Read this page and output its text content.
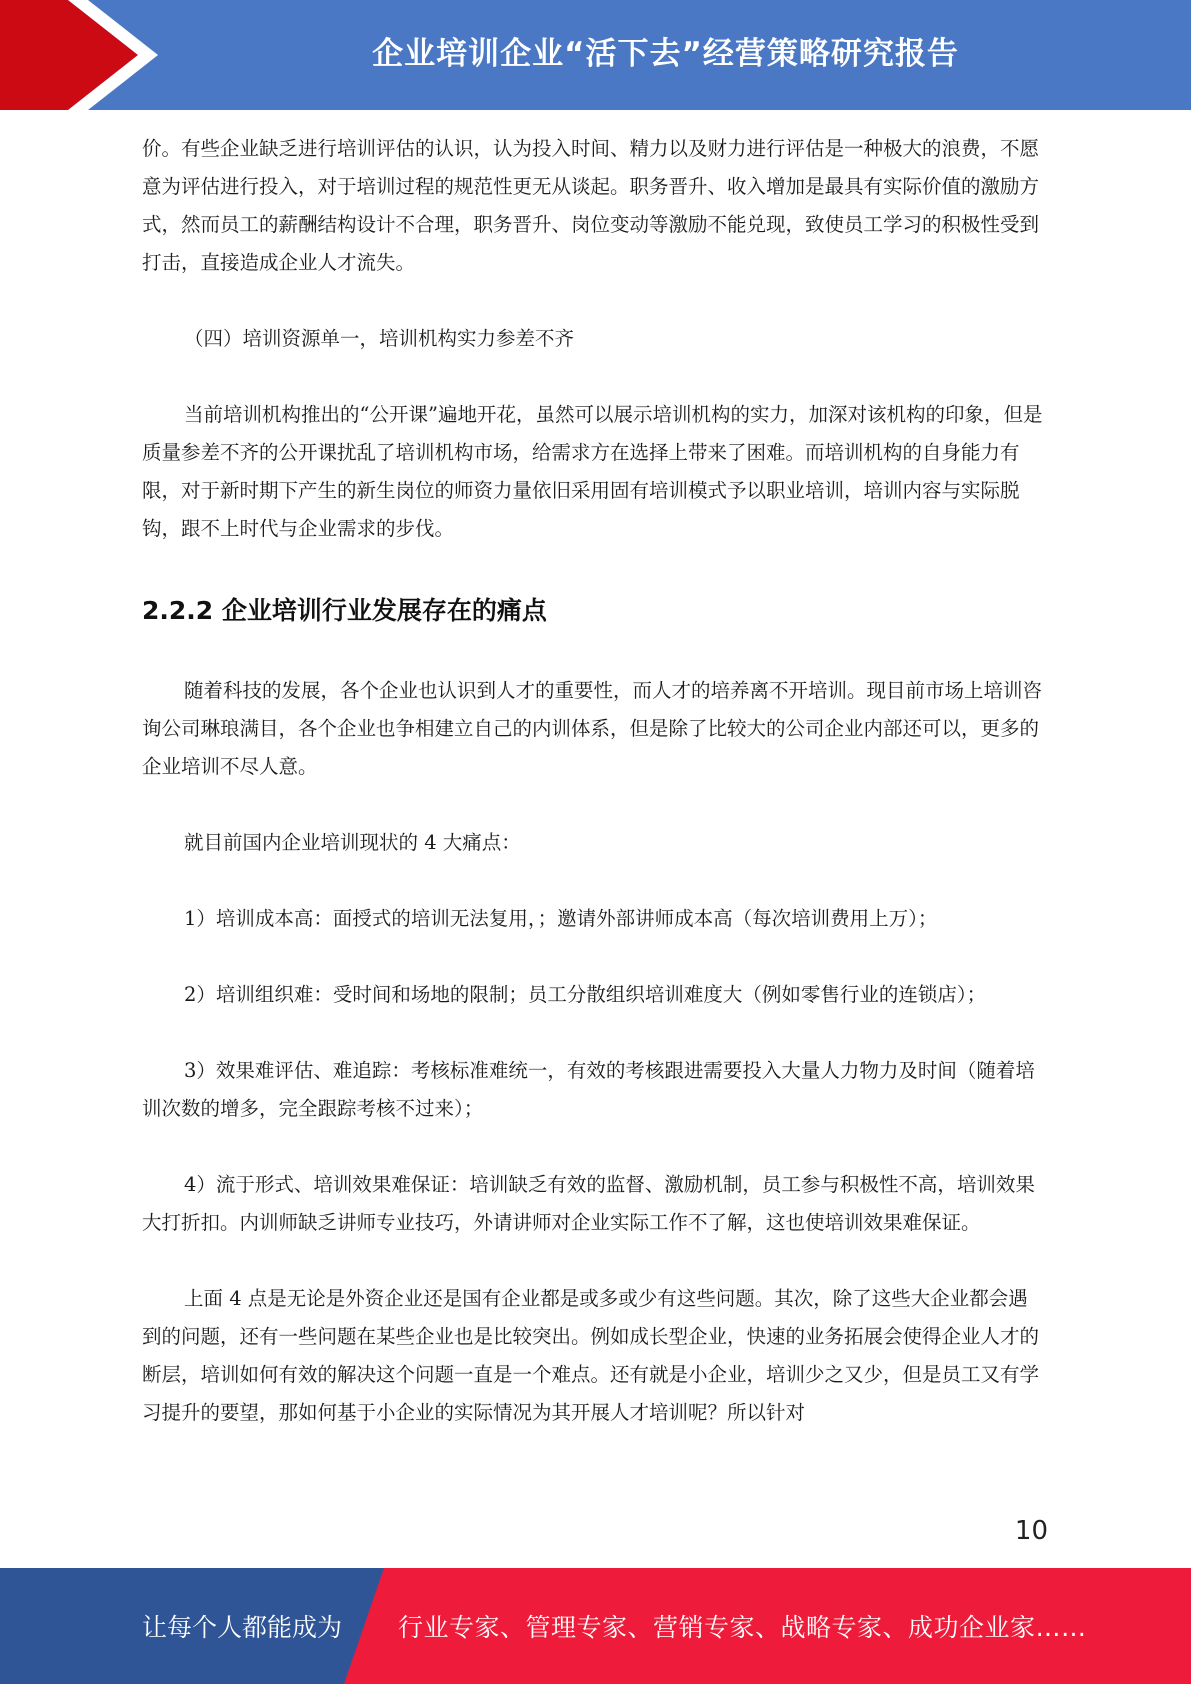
企业培训企业“活下去”经营策略研究报告

价。有些企业缺乏进行培训评估的认识，认为投入时间、精力以及财力进行评估是一种极大的浪费，不愿意为评估进行投入，对于培训过程的规范性更无从谈起。职务晋升、收入增加是最具有实际价值的激励方式，然而员工的薪酬结构设计不合理，职务晋升、岗位变动等激励不能兑现，致使员工学习的积极性受到打击，直接造成企业人才流失。

（四）培训资源单一，培训机构实力参差不齐

当前培训机构推出的“公开课”遍地开花，虽然可以展示培训机构的实力，加深对该机构的印象，但是质量参差不齐的公开课扰乱了培训机构市场，给需求方在选择上带来了困难。而培训机构的自身能力有限，对于新时期下产生的新生岗位的师资力量依旧采用固有培训模式予以职业培训，培训内容与实际脱钩，跟不上时代与企业需求的步伐。

2.2.2 企业培训行业发展存在的痛点

随着科技的发展，各个企业也认识到人才的重要性，而人才的培养离不开培训。现目前市场上培训咨询公司琳琅满目，各个企业也争相建立自己的内训体系，但是除了比较大的公司企业内部还可以，更多的企业培训不尽人意。

就目前国内企业培训现状的 4 大痛点：

1）培训成本高：面授式的培训无法复用，；邀请外部讲师成本高（每次培训费用上万）；

2）培训组织难：受时间和场地的限制；员工分散组织培训难度大（例如零售行业的连锁店）；

3）效果难评估、难追踪：考核标准难统一，有效的考核跟进需要投入大量人力物力及时间（随着培训次数的增多，完全跟踪考核不过来）；

4）流于形式、培训效果难保证：培训缺乏有效的监督、激励机制，员工参与积极性不高，培训效果大打折扣。内训师缺乏讲师专业技巧，外请讲师对企业实际工作不了解，这也使培训效果难保证。

上面 4 点是无论是外资企业还是国有企业都是或多或少有这些问题。其次，除了这些大企业都会遇到的问题，还有一些问题在某些企业也是比较突出。例如成长型企业，快速的业务拓展会使得企业人才的断层，培训如何有效的解决这个问题一直是一个难点。还有就是小企业，培训少之又少，但是员工又有学习提升的要望，那如何基于小企业的实际情况为其开展人才培训呢？所以针对

10
让每个人都能成为 行业专家、管理专家、营销专家、战略专家、成功企业家……
